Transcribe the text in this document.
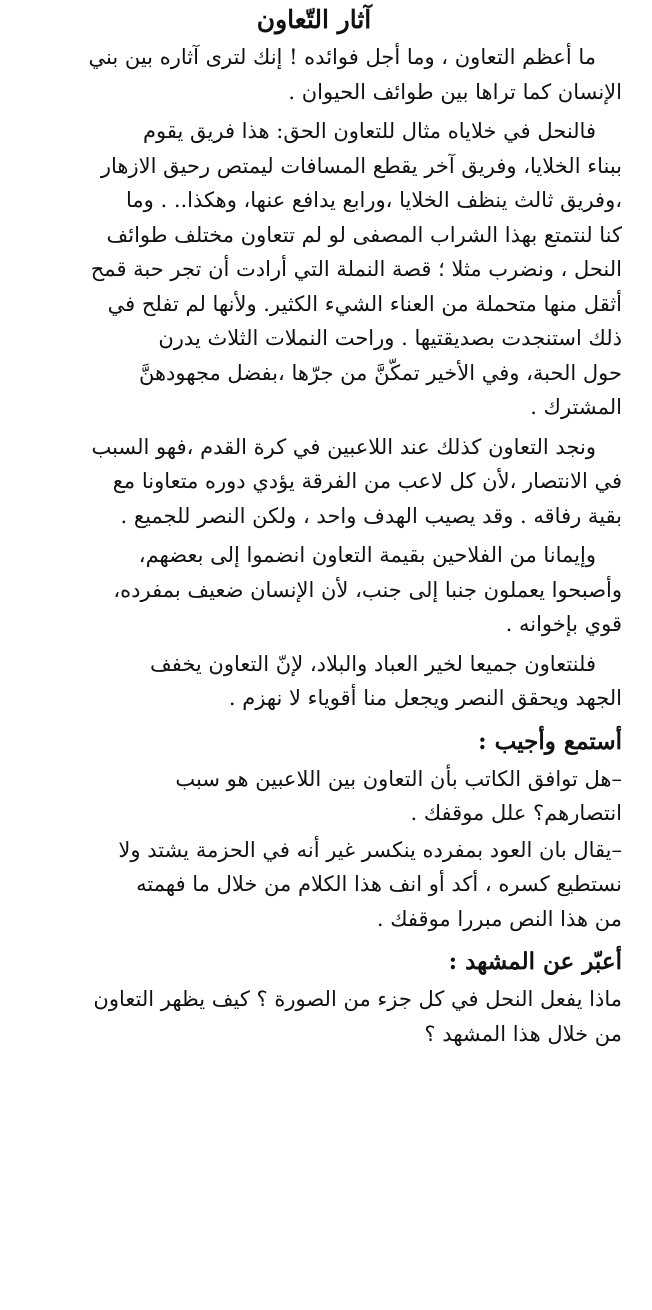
آثار التّعاون

ما أعظم التعاون ، وما أجل فوائده ! إنك لترى آثاره بين بني
الإنسان كما تراها بين طوائف الحيوان .

فالنحل في خلاياه مثال للتعاون الحق: هذا فريق يقوم
ببناء الخلايا، وفريق آخر يقطع المسافات ليمتص رحيق الازهار
،وفريق ثالث ينظف الخلايا ،ورابع يدافع عنها، وهكذا.. . وما
كنا لنتمتع بهذا الشراب المصفى لو لم تتعاون مختلف طوائف
النحل ، ونضرب مثلا ؛ قصة النملة التي أرادت أن تجر حبة قمح
أثقل منها متحملة من العناء الشيء الكثير. ولأنها لم تفلح في
ذلك استنجدت بصديقتيها . وراحت النملات الثلاث يدرن
حول الحبة، وفي الأخير تمكّنَّ من جرّها ،بفضل مجهودهنَّ
المشترك .

ونجد التعاون كذلك عند اللاعبين في كرة القدم ،فهو السبب
في الانتصار ،لأن كل لاعب من الفرقة يؤدي دوره متعاونا مع
بقية رفاقه . وقد يصيب الهدف واحد ، ولكن النصر للجميع .

وإيمانا من الفلاحين بقيمة التعاون انضموا إلى بعضهم،
وأصبحوا يعملون جنبا إلى جنب، لأن الإنسان ضعيف بمفرده،
قوي بإخوانه .

فلنتعاون جميعا لخير العباد والبلاد، لإنّ التعاون يخفف
الجهد ويحقق النصر ويجعل منا أقوياء لا نهزم .

أستمع وأجيب :

–هل توافق الكاتب بأن التعاون بين اللاعبين هو سبب
انتصارهم؟ علل موقفك .

–يقال بان العود بمفرده ينكسر غير أنه في الحزمة يشتد ولا
نستطيع كسره ، أكد أو انف هذا الكلام من خلال ما فهمته
من هذا النص مبررا موقفك .

أعبّر عن المشهد :

ماذا يفعل النحل في كل جزء من الصورة ؟ كيف يظهر التعاون
من خلال هذا المشهد ؟
